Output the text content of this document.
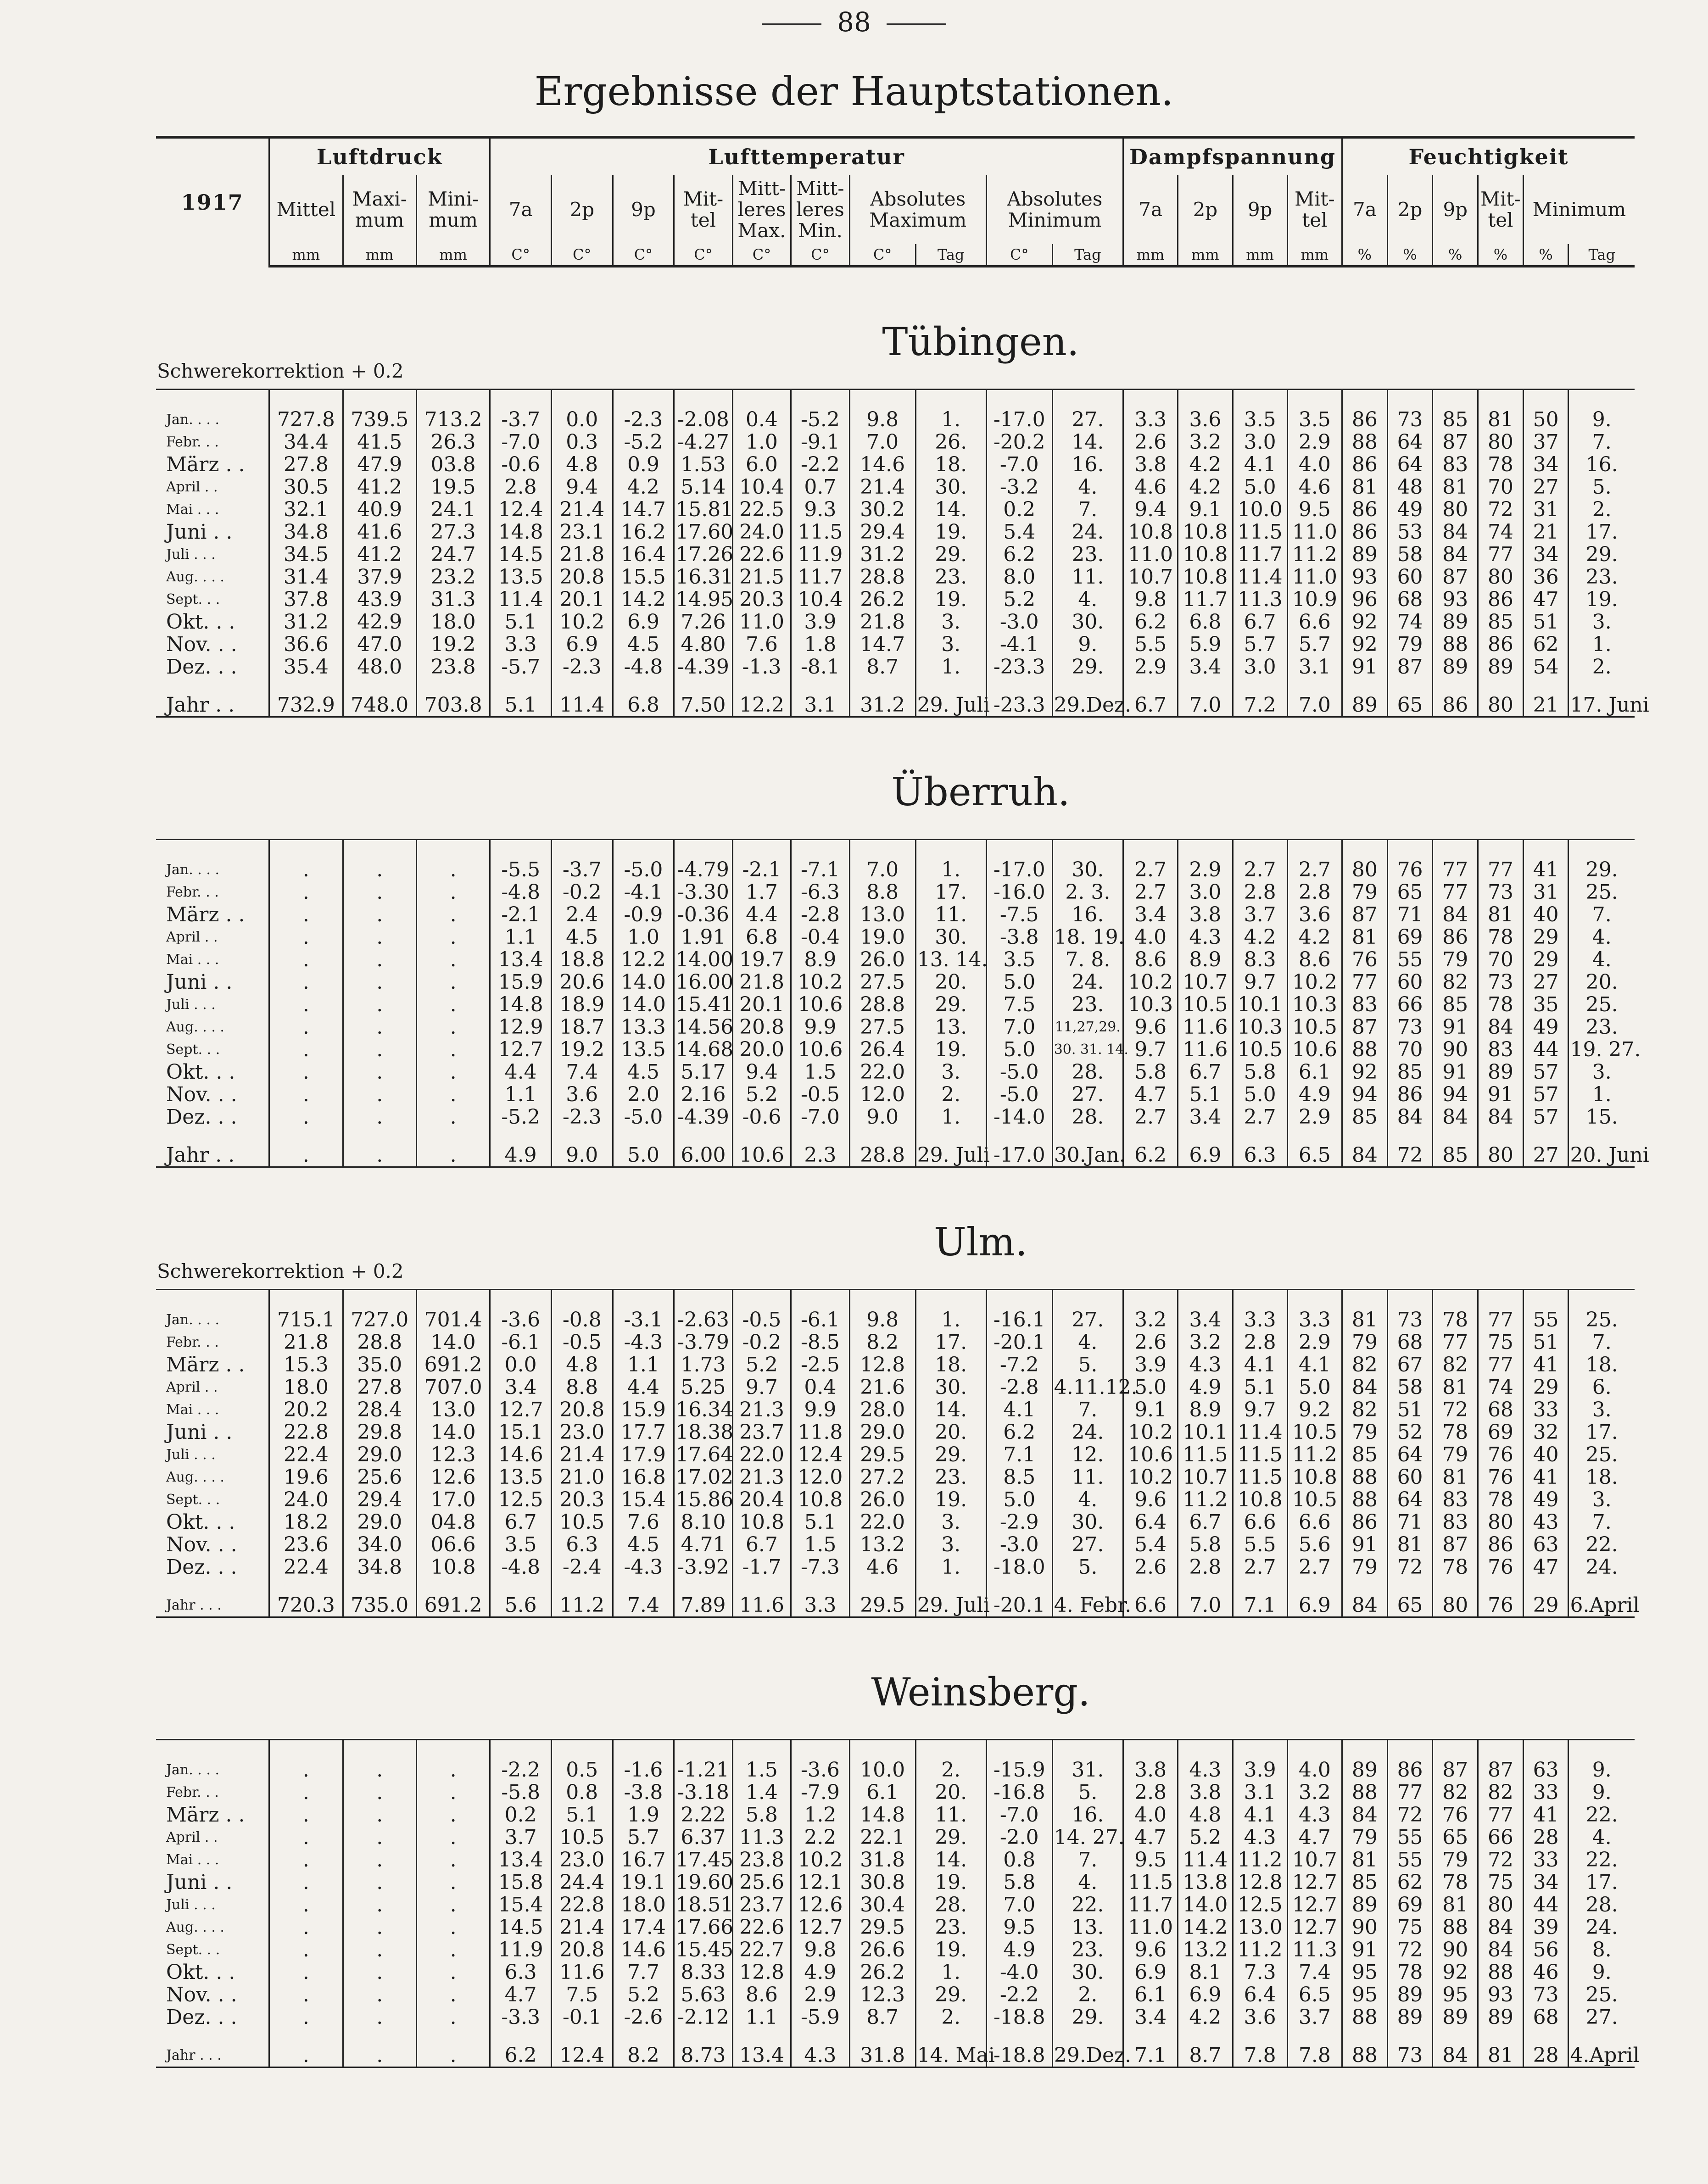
88
Ergebnisse der Hauptstationen.
1917	Luftdruck			Lufttemperatur										Dampfspannung				Feuchtigkeit					
	Mittel	Maxi-mum	Mini-mum	7a	2p	9p	Mit-tel	Mitt-leres Max.	Mitt-leres Min.	Absolutes Maximum		Absolutes Minimum		7a	2p	9p	Mit-tel	7a	2p	9p	Mit-tel	Minimum	
	mm	mm	mm	C°	C°	C°	C°	C°	C°	C°	Tag	C°	Tag	mm	mm	mm	mm	%	%	%	%	%	Tag
Schwerekorrektion + 0.2							Tübingen.																
Jan. . . .	727.8	739.5	713.2	-3.7	0.0	-2.3	-2.08	0.4	-5.2	9.8	1.	-17.0	27.	3.3	3.6	3.5	3.5	86	73	85	81	50	9.
Febr. . .	34.4	41.5	26.3	-7.0	0.3	-5.2	-4.27	1.0	-9.1	7.0	26.	-20.2	14.	2.6	3.2	3.0	2.9	88	64	87	80	37	7.
März . .	27.8	47.9	03.8	-0.6	4.8	0.9	1.53	6.0	-2.2	14.6	18.	-7.0	16.	3.8	4.2	4.1	4.0	86	64	83	78	34	16.
April . .	30.5	41.2	19.5	2.8	9.4	4.2	5.14	10.4	0.7	21.4	30.	-3.2	4.	4.6	4.2	5.0	4.6	81	48	81	70	27	5.
Mai . . .	32.1	40.9	24.1	12.4	21.4	14.7	15.81	22.5	9.3	30.2	14.	0.2	7.	9.4	9.1	10.0	9.5	86	49	80	72	31	2.
Juni . .	34.8	41.6	27.3	14.8	23.1	16.2	17.60	24.0	11.5	29.4	19.	5.4	24.	10.8	10.8	11.5	11.0	86	53	84	74	21	17.
Juli . . .	34.5	41.2	24.7	14.5	21.8	16.4	17.26	22.6	11.9	31.2	29.	6.2	23.	11.0	10.8	11.7	11.2	89	58	84	77	34	29.
Aug. . . .	31.4	37.9	23.2	13.5	20.8	15.5	16.31	21.5	11.7	28.8	23.	8.0	11.	10.7	10.8	11.4	11.0	93	60	87	80	36	23.
Sept. . .	37.8	43.9	31.3	11.4	20.1	14.2	14.95	20.3	10.4	26.2	19.	5.2	4.	9.8	11.7	11.3	10.9	96	68	93	86	47	19.
Okt. . .	31.2	42.9	18.0	5.1	10.2	6.9	7.26	11.0	3.9	21.8	3.	-3.0	30.	6.2	6.8	6.7	6.6	92	74	89	85	51	3.
Nov. . .	36.6	47.0	19.2	3.3	6.9	4.5	4.80	7.6	1.8	14.7	3.	-4.1	9.	5.5	5.9	5.7	5.7	92	79	88	86	62	1.
Dez. . .	35.4	48.0	23.8	-5.7	-2.3	-4.8	-4.39	-1.3	-8.1	8.7	1.	-23.3	29.	2.9	3.4	3.0	3.1	91	87	89	89	54	2.
Jahr . .	732.9	748.0	703.8	5.1	11.4	6.8	7.50	12.2	3.1	31.2	29. Juli	-23.3	29.Dez.	6.7	7.0	7.2	7.0	89	65	86	80	21	17. Juni
							Überruh.																
Jan. . . .	.	.	.	-5.5	-3.7	-5.0	-4.79	-2.1	-7.1	7.0	1.	-17.0	30.	2.7	2.9	2.7	2.7	80	76	77	77	41	29.
Febr. . .	.	.	.	-4.8	-0.2	-4.1	-3.30	1.7	-6.3	8.8	17.	-16.0	2. 3.	2.7	3.0	2.8	2.8	79	65	77	73	31	25.
März . .	.	.	.	-2.1	2.4	-0.9	-0.36	4.4	-2.8	13.0	11.	-7.5	16.	3.4	3.8	3.7	3.6	87	71	84	81	40	7.
April . .	.	.	.	1.1	4.5	1.0	1.91	6.8	-0.4	19.0	30.	-3.8	18. 19.	4.0	4.3	4.2	4.2	81	69	86	78	29	4.
Mai . . .	.	.	.	13.4	18.8	12.2	14.00	19.7	8.9	26.0	13. 14.	3.5	7. 8.	8.6	8.9	8.3	8.6	76	55	79	70	29	4.
Juni . .	.	.	.	15.9	20.6	14.0	16.00	21.8	10.2	27.5	20.	5.0	24.	10.2	10.7	9.7	10.2	77	60	82	73	27	20.
Juli . . .	.	.	.	14.8	18.9	14.0	15.41	20.1	10.6	28.8	29.	7.5	23.	10.3	10.5	10.1	10.3	83	66	85	78	35	25.
Aug. . . .	.	.	.	12.9	18.7	13.3	14.56	20.8	9.9	27.5	13.	7.0	11,27,29.	9.6	11.6	10.3	10.5	87	73	91	84	49	23.
Sept. . .	.	.	.	12.7	19.2	13.5	14.68	20.0	10.6	26.4	19.	5.0	30. 31. 14.	9.7	11.6	10.5	10.6	88	70	90	83	44	19. 27.
Okt. . .	.	.	.	4.4	7.4	4.5	5.17	9.4	1.5	22.0	3.	-5.0	28.	5.8	6.7	5.8	6.1	92	85	91	89	57	3.
Nov. . .	.	.	.	1.1	3.6	2.0	2.16	5.2	-0.5	12.0	2.	-5.0	27.	4.7	5.1	5.0	4.9	94	86	94	91	57	1.
Dez. . .	.	.	.	-5.2	-2.3	-5.0	-4.39	-0.6	-7.0	9.0	1.	-14.0	28.	2.7	3.4	2.7	2.9	85	84	84	84	57	15.
Jahr . .	.	.	.	4.9	9.0	5.0	6.00	10.6	2.3	28.8	29. Juli	-17.0	30.Jan.	6.2	6.9	6.3	6.5	84	72	85	80	27	20. Juni
Schwerekorrektion + 0.2							Ulm.																
Jan. . . .	715.1	727.0	701.4	-3.6	-0.8	-3.1	-2.63	-0.5	-6.1	9.8	1.	-16.1	27.	3.2	3.4	3.3	3.3	81	73	78	77	55	25.
Febr. . .	21.8	28.8	14.0	-6.1	-0.5	-4.3	-3.79	-0.2	-8.5	8.2	17.	-20.1	4.	2.6	3.2	2.8	2.9	79	68	77	75	51	7.
März . .	15.3	35.0	691.2	0.0	4.8	1.1	1.73	5.2	-2.5	12.8	18.	-7.2	5.	3.9	4.3	4.1	4.1	82	67	82	77	41	18.
April . .	18.0	27.8	707.0	3.4	8.8	4.4	5.25	9.7	0.4	21.6	30.	-2.8	4.11.12.	5.0	4.9	5.1	5.0	84	58	81	74	29	6.
Mai . . .	20.2	28.4	13.0	12.7	20.8	15.9	16.34	21.3	9.9	28.0	14.	4.1	7.	9.1	8.9	9.7	9.2	82	51	72	68	33	3.
Juni . .	22.8	29.8	14.0	15.1	23.0	17.7	18.38	23.7	11.8	29.0	20.	6.2	24.	10.2	10.1	11.4	10.5	79	52	78	69	32	17.
Juli . . .	22.4	29.0	12.3	14.6	21.4	17.9	17.64	22.0	12.4	29.5	29.	7.1	12.	10.6	11.5	11.5	11.2	85	64	79	76	40	25.
Aug. . . .	19.6	25.6	12.6	13.5	21.0	16.8	17.02	21.3	12.0	27.2	23.	8.5	11.	10.2	10.7	11.5	10.8	88	60	81	76	41	18.
Sept. . .	24.0	29.4	17.0	12.5	20.3	15.4	15.86	20.4	10.8	26.0	19.	5.0	4.	9.6	11.2	10.8	10.5	88	64	83	78	49	3.
Okt. . .	18.2	29.0	04.8	6.7	10.5	7.6	8.10	10.8	5.1	22.0	3.	-2.9	30.	6.4	6.7	6.6	6.6	86	71	83	80	43	7.
Nov. . .	23.6	34.0	06.6	3.5	6.3	4.5	4.71	6.7	1.5	13.2	3.	-3.0	27.	5.4	5.8	5.5	5.6	91	81	87	86	63	22.
Dez. . .	22.4	34.8	10.8	-4.8	-2.4	-4.3	-3.92	-1.7	-7.3	4.6	1.	-18.0	5.	2.6	2.8	2.7	2.7	79	72	78	76	47	24.
Jahr . . .	720.3	735.0	691.2	5.6	11.2	7.4	7.89	11.6	3.3	29.5	29. Juli	-20.1	4. Febr.	6.6	7.0	7.1	6.9	84	65	80	76	29	6.April
							Weinsberg.																
Jan. . . .	.	.	.	-2.2	0.5	-1.6	-1.21	1.5	-3.6	10.0	2.	-15.9	31.	3.8	4.3	3.9	4.0	89	86	87	87	63	9.
Febr. . .	.	.	.	-5.8	0.8	-3.8	-3.18	1.4	-7.9	6.1	20.	-16.8	5.	2.8	3.8	3.1	3.2	88	77	82	82	33	9.
März . .	.	.	.	0.2	5.1	1.9	2.22	5.8	1.2	14.8	11.	-7.0	16.	4.0	4.8	4.1	4.3	84	72	76	77	41	22.
April . .	.	.	.	3.7	10.5	5.7	6.37	11.3	2.2	22.1	29.	-2.0	14. 27.	4.7	5.2	4.3	4.7	79	55	65	66	28	4.
Mai . . .	.	.	.	13.4	23.0	16.7	17.45	23.8	10.2	31.8	14.	0.8	7.	9.5	11.4	11.2	10.7	81	55	79	72	33	22.
Juni . .	.	.	.	15.8	24.4	19.1	19.60	25.6	12.1	30.8	19.	5.8	4.	11.5	13.8	12.8	12.7	85	62	78	75	34	17.
Juli . . .	.	.	.	15.4	22.8	18.0	18.51	23.7	12.6	30.4	28.	7.0	22.	11.7	14.0	12.5	12.7	89	69	81	80	44	28.
Aug. . . .	.	.	.	14.5	21.4	17.4	17.66	22.6	12.7	29.5	23.	9.5	13.	11.0	14.2	13.0	12.7	90	75	88	84	39	24.
Sept. . .	.	.	.	11.9	20.8	14.6	15.45	22.7	9.8	26.6	19.	4.9	23.	9.6	13.2	11.2	11.3	91	72	90	84	56	8.
Okt. . .	.	.	.	6.3	11.6	7.7	8.33	12.8	4.9	26.2	1.	-4.0	30.	6.9	8.1	7.3	7.4	95	78	92	88	46	9.
Nov. . .	.	.	.	4.7	7.5	5.2	5.63	8.6	2.9	12.3	29.	-2.2	2.	6.1	6.9	6.4	6.5	95	89	95	93	73	25.
Dez. . .	.	.	.	-3.3	-0.1	-2.6	-2.12	1.1	-5.9	8.7	2.	-18.8	29.	3.4	4.2	3.6	3.7	88	89	89	89	68	27.
Jahr . . .	.	.	.	6.2	12.4	8.2	8.73	13.4	4.3	31.8	14. Mai	-18.8	29.Dez.	7.1	8.7	7.8	7.8	88	73	84	81	28	4.April
